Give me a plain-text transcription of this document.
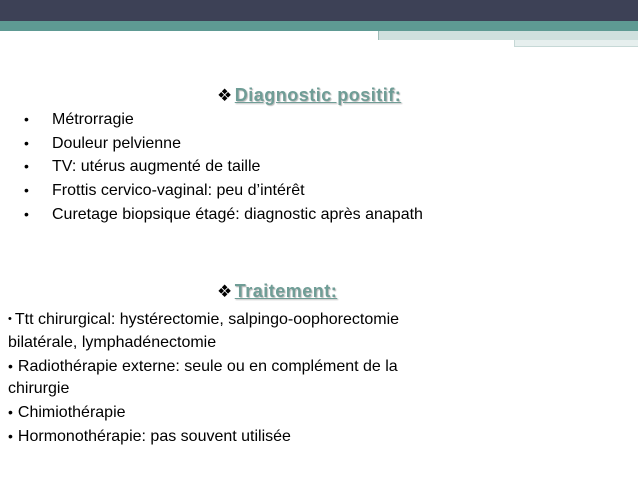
❖ Diagnostic positif:
• Métrorragie
• Douleur pelvienne
• TV: utérus augmenté de taille
• Frottis cervico-vaginal: peu d’intérêt
• Curetage biopsique étagé: diagnostic après anapath
❖ Traitement:
• Ttt chirurgical: hystérectomie, salpingo-oophorectomie
bilatérale, lymphadénectomie
• Radiothérapie externe: seule ou en complément de la
chirurgie
• Chimiothérapie
• Hormonothérapie: pas souvent utilisée
